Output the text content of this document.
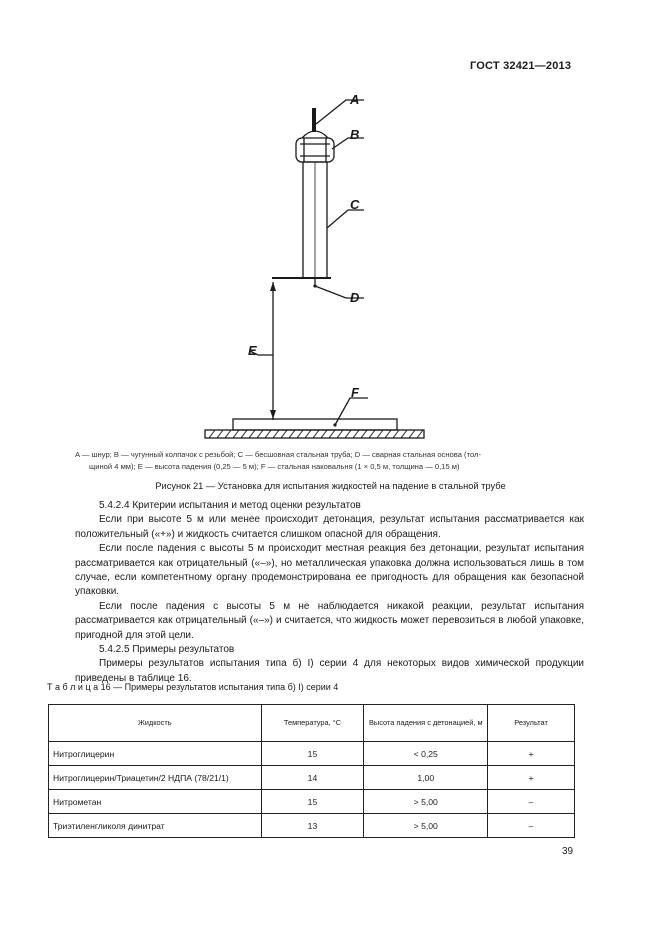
ГОСТ 32421—2013
A
B
C
D
E
F
A — шнур; B — чугунный колпачок с резьбой; C — бесшовная стальная труба; D — сварная стальная основа (тол-
щиной 4 мм); E — высота падения (0,25 — 5 м); F — стальная наковальня (1 × 0,5 м, толщина — 0,15 м)
Рисунок 21 — Установка для испытания жидкостей на падение в стальной трубе

5.4.2.4 Критерии испытания и метод оценки результатов

Если при высоте 5 м или менее происходит детонация, результат испытания рассматривается как положительный («+») и жидкость считается слишком опасной для обращения.

Если после падения с высоты 5 м происходит местная реакция без детонации, результат испытания рассматривается как отрицательный («–»), но металлическая упаковка должна использоваться лишь в том случае, если компетентному органу продемонстрирована ее пригодность для обращения как безопасной упаковки.

Если после падения с высоты 5 м не наблюдается никакой реакции, результат испытания рассматривается как отрицательный («–») и считается, что жидкость может перевозиться в любой упаковке, пригодной для этой цели.

5.4.2.5 Примеры результатов

Примеры результатов испытания типа б) I) серии 4 для некоторых видов химической продукции приведены в таблице 16.

Т а б л и ц а 16 — Примеры результатов испытания типа б) I) серии 4
Жидкость	Температура, °С	Высота падения с детонацией, м	Результат
Нитроглицерин	15	< 0,25	+
Нитроглицерин/Триацетин/2 НДПА (78/21/1)	14	1,00	+
Нитрометан	15	> 5,00	–
Триэтиленгликоля динитрат	13	> 5,00	–
39
